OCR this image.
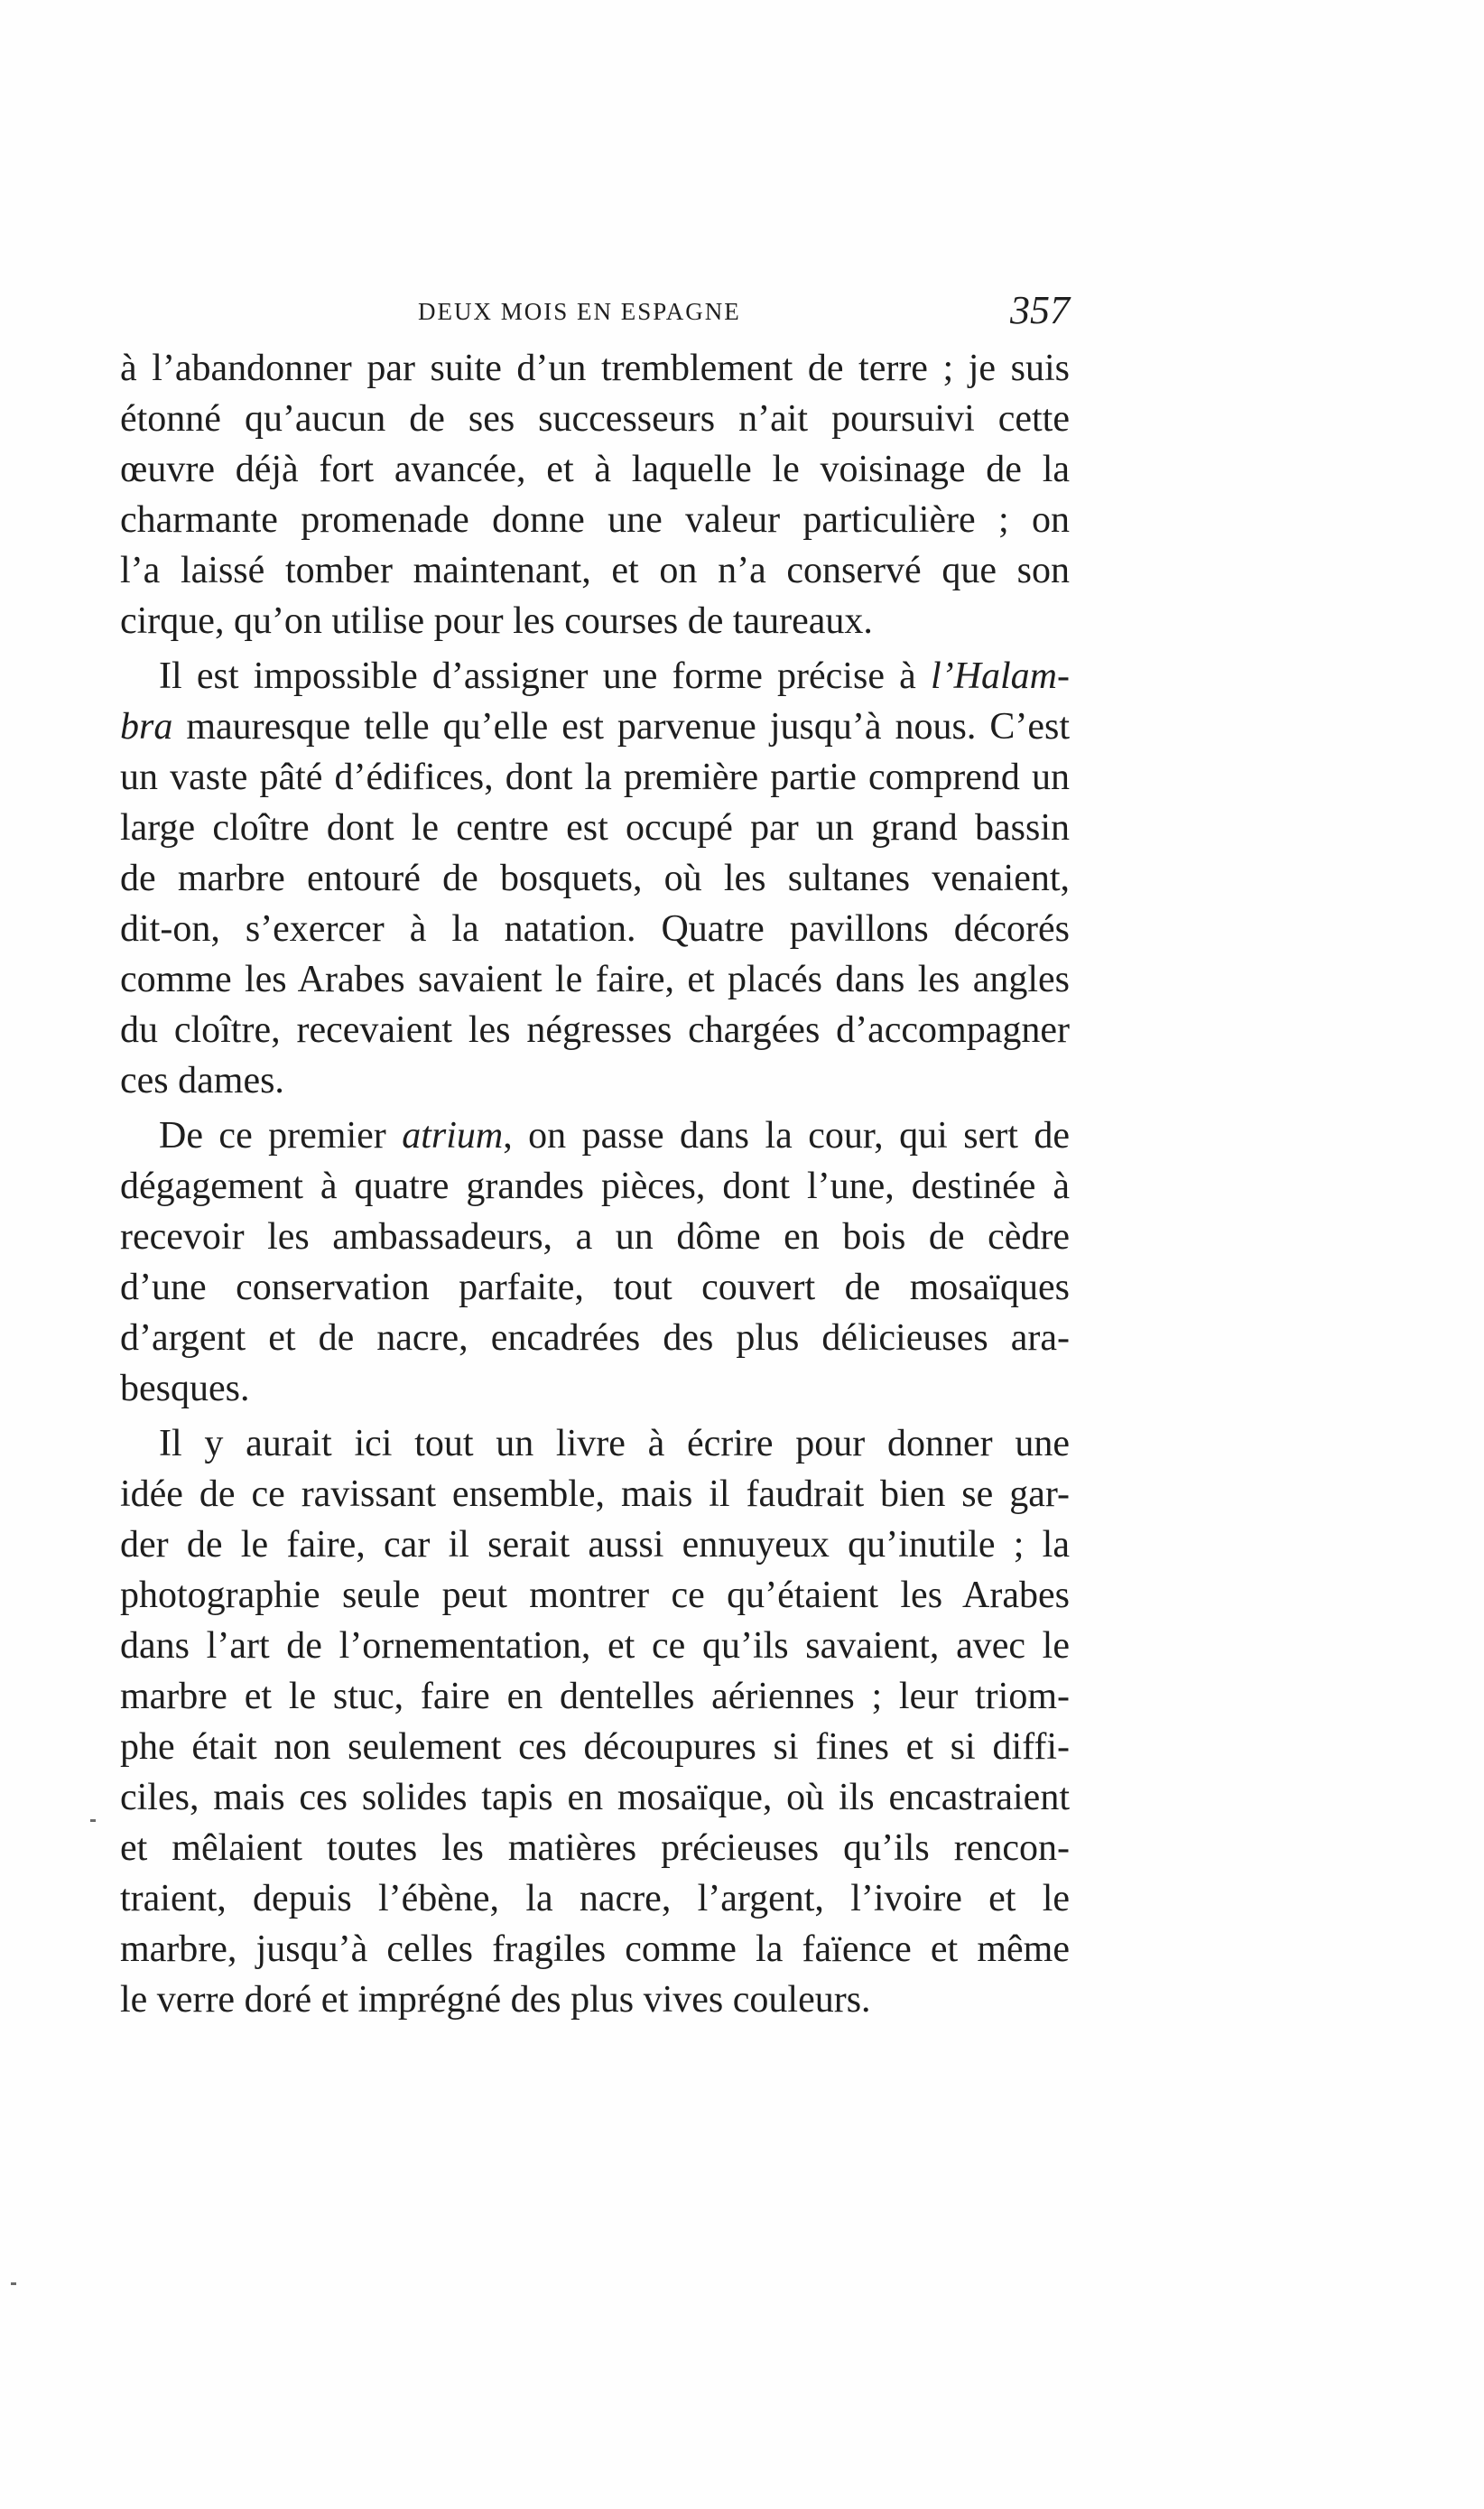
DEUX MOIS EN ESPAGNE	357

à l’abandonner par suite d’un tremblement de terre ; je suis
étonné qu’aucun de ses successeurs n’ait poursuivi cette
œuvre déjà fort avancée, et à laquelle le voisinage de la
charmante promenade donne une valeur particulière ; on
l’a laissé tomber maintenant, et on n’a conservé que son
cirque, qu’on utilise pour les courses de taureaux.

Il est impossible d’assigner une forme précise à l’Halam-
bra mauresque telle qu’elle est parvenue jusqu’à nous. C’est
un vaste pâté d’édifices, dont la première partie comprend un
large cloître dont le centre est occupé par un grand bassin
de marbre entouré de bosquets, où les sultanes venaient,
dit-on, s’exercer à la natation. Quatre pavillons décorés
comme les Arabes savaient le faire, et placés dans les angles
du cloître, recevaient les négresses chargées d’accompagner
ces dames.

De ce premier atrium, on passe dans la cour, qui sert de
dégagement à quatre grandes pièces, dont l’une, destinée à
recevoir les ambassadeurs, a un dôme en bois de cèdre
d’une conservation parfaite, tout couvert de mosaïques
d’argent et de nacre, encadrées des plus délicieuses ara-
besques.

Il y aurait ici tout un livre à écrire pour donner une
idée de ce ravissant ensemble, mais il faudrait bien se gar-
der de le faire, car il serait aussi ennuyeux qu’inutile ; la
photographie seule peut montrer ce qu’étaient les Arabes
dans l’art de l’ornementation, et ce qu’ils savaient, avec le
marbre et le stuc, faire en dentelles aériennes ; leur triom-
phe était non seulement ces découpures si fines et si diffi-
ciles, mais ces solides tapis en mosaïque, où ils encastraient
et mêlaient toutes les matières précieuses qu’ils rencon-
traient, depuis l’ébène, la nacre, l’argent, l’ivoire et le
marbre, jusqu’à celles fragiles comme la faïence et même
le verre doré et imprégné des plus vives couleurs.
